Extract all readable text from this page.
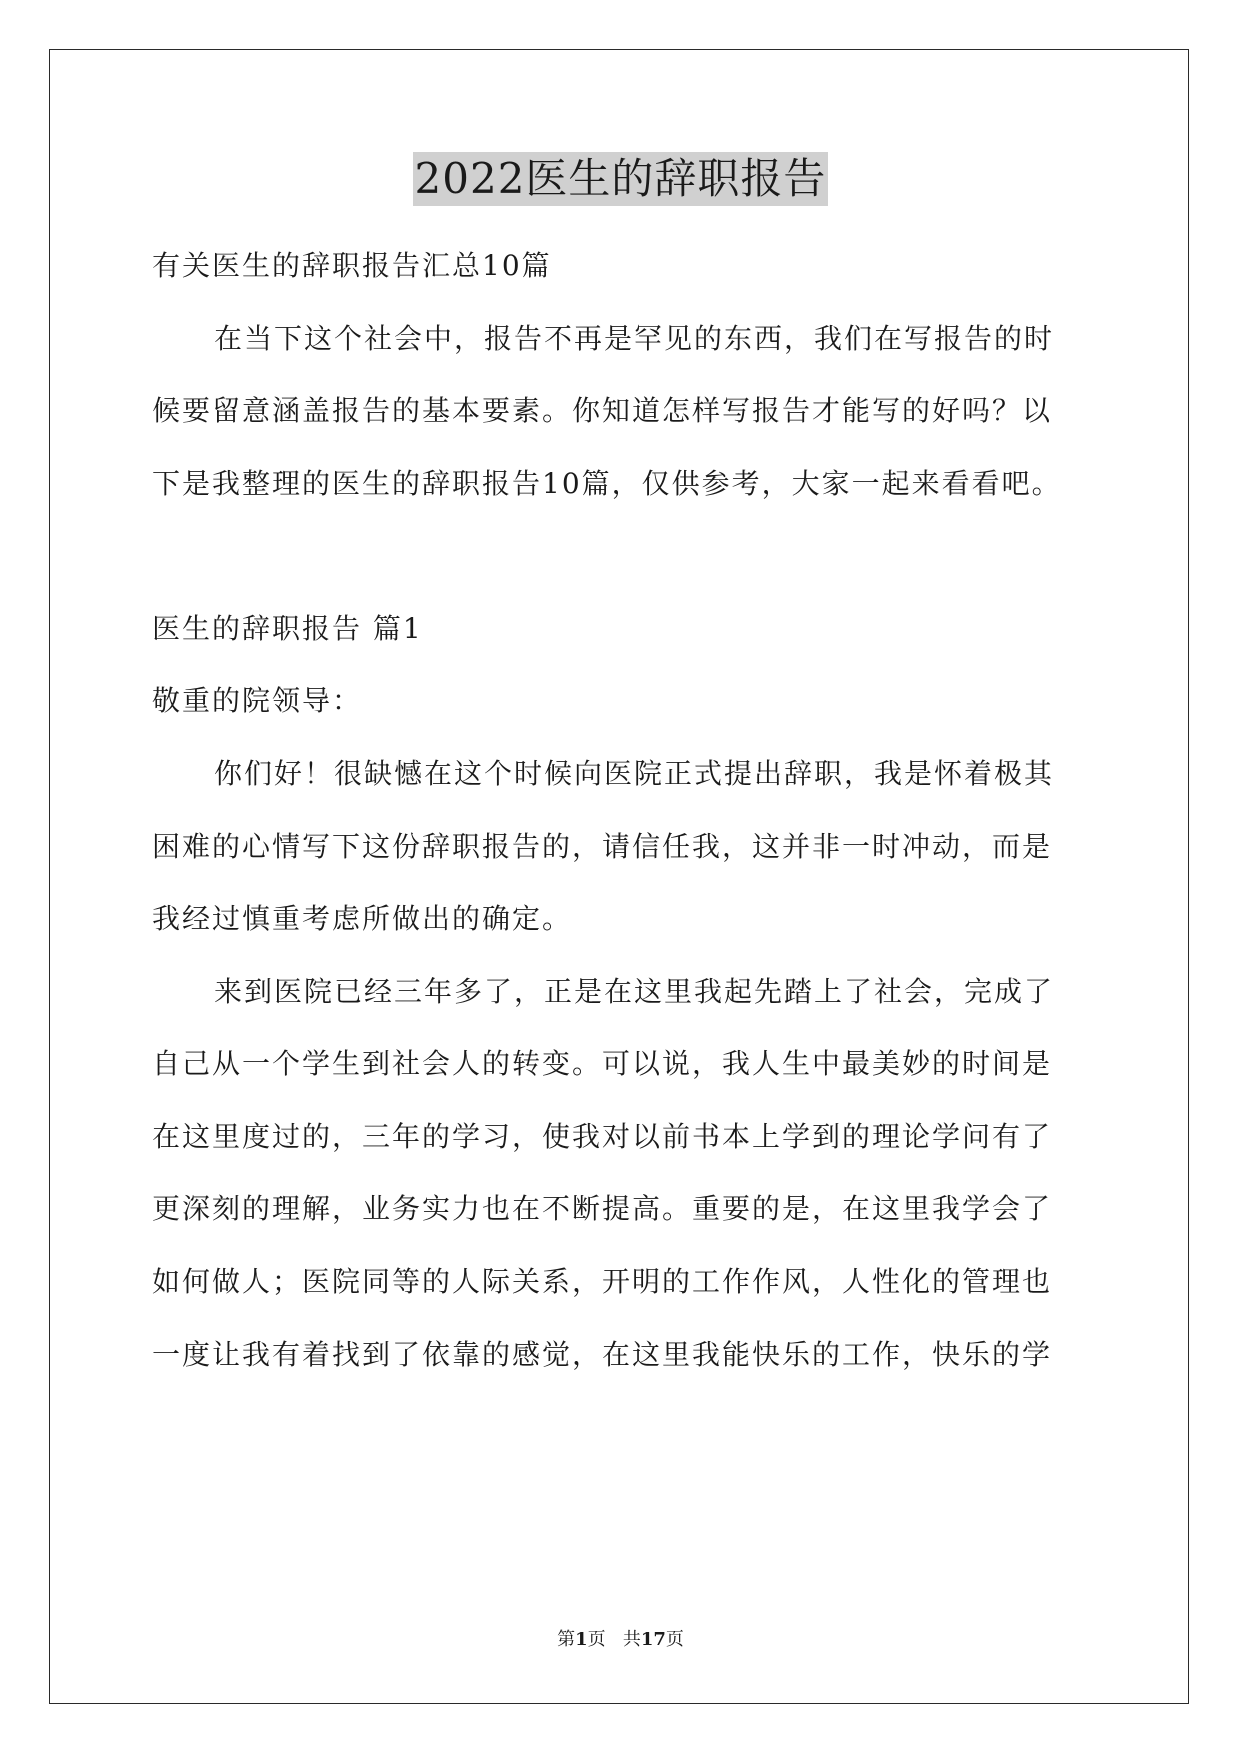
2022医生的辞职报告
有关医生的辞职报告汇总10篇
在当下这个社会中，报告不再是罕见的东西，我们在写报告的时
候要留意涵盖报告的基本要素。你知道怎样写报告才能写的好吗？以
下是我整理的医生的辞职报告10篇，仅供参考，大家一起来看看吧。
医生的辞职报告 篇1
敬重的院领导：
你们好！很缺憾在这个时候向医院正式提出辞职，我是怀着极其
困难的心情写下这份辞职报告的，请信任我，这并非一时冲动，而是
我经过慎重考虑所做出的确定。
来到医院已经三年多了，正是在这里我起先踏上了社会，完成了
自己从一个学生到社会人的转变。可以说，我人生中最美妙的时间是
在这里度过的，三年的学习，使我对以前书本上学到的理论学问有了
更深刻的理解，业务实力也在不断提高。重要的是，在这里我学会了
如何做人；医院同等的人际关系，开明的工作作风，人性化的管理也
一度让我有着找到了依靠的感觉，在这里我能快乐的工作，快乐的学
第1页 共17页
